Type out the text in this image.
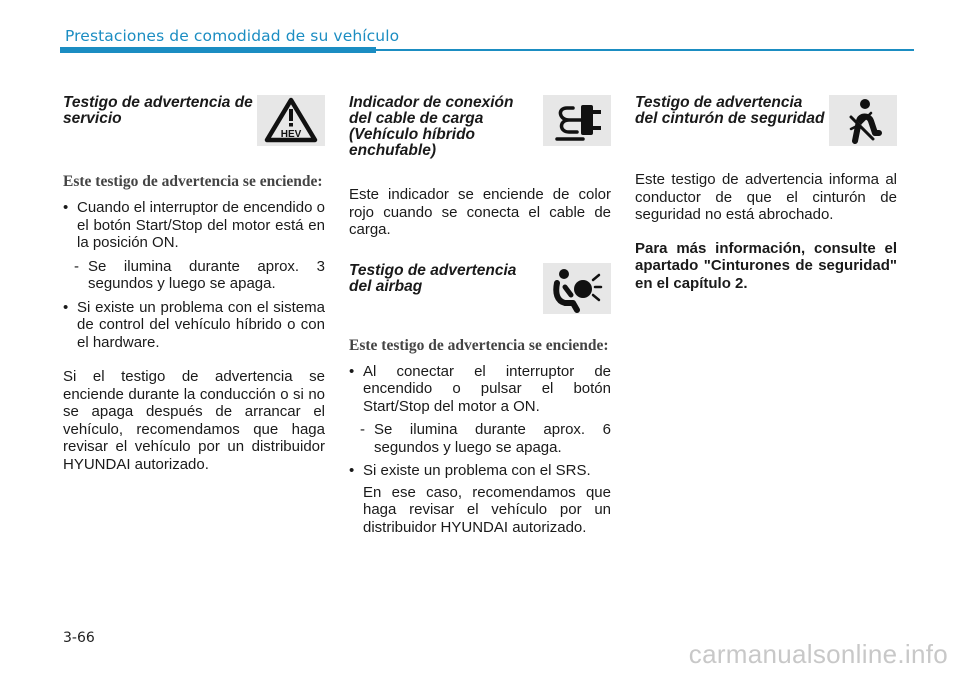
Prestaciones de comodidad de su vehículo
Testigo de advertencia de servicio
HEV

Este testigo de advertencia se enciende:

• Cuando el interruptor de encendido o el botón Start/Stop del motor está en la posición ON.
- Se ilumina durante aprox. 3 segundos y luego se apaga.
• Si existe un problema con el sistema de control del vehículo híbrido o con el hardware.

Si el testigo de advertencia se enciende durante la conducción o si no se apaga después de arrancar el vehículo, recomendamos que haga revisar el vehículo por un distribuidor HYUNDAI autorizado.

Indicador de conexión del cable de carga (Vehículo híbrido enchufable)

Este indicador se enciende de color rojo cuando se conecta el cable de carga.

Testigo de advertencia del airbag

Este testigo de advertencia se enciende:

• Al conectar el interruptor de encendido o pulsar el botón Start/Stop del motor a ON.
- Se ilumina durante aprox. 6 segundos y luego se apaga.
• Si existe un problema con el SRS.

En ese caso, recomendamos que haga revisar el vehículo por un distribuidor HYUNDAI autorizado.

Testigo de advertencia del cinturón de seguridad

Este testigo de advertencia informa al conductor de que el cinturón de seguridad no está abrochado.

Para más información, consulte el apartado "Cinturones de seguridad" en el capítulo 2.

3-66
carmanualsonline.info
